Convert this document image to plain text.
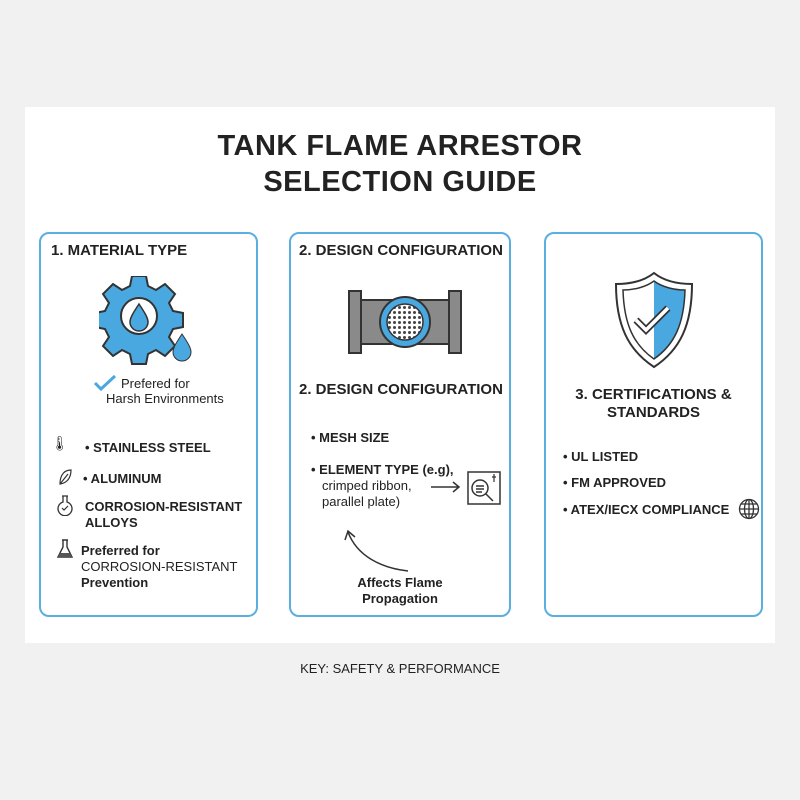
TANK FLAME ARRESTOR
SELECTION GUIDE
1. MATERIAL TYPE
Prefered for
Harsh Environments
🌡 • STAINLESS STEEL
• ALUMINUM
CORROSION-RESISTANT
ALLOYS
Preferred for
CORROSION-RESISTANT
Prevention
2. DESIGN CONFIGURATION
2. DESIGN CONFIGURATION
• MESH SIZE
• ELEMENT TYPE (e.g),
crimped ribbon,
parallel plate)
Affects Flame
Propagation
3. CERTIFICATIONS &
STANDARDS
• UL LISTED
• FM APPROVED
• ATEX/IECX COMPLIANCE
KEY: SAFETY & PERFORMANCE
